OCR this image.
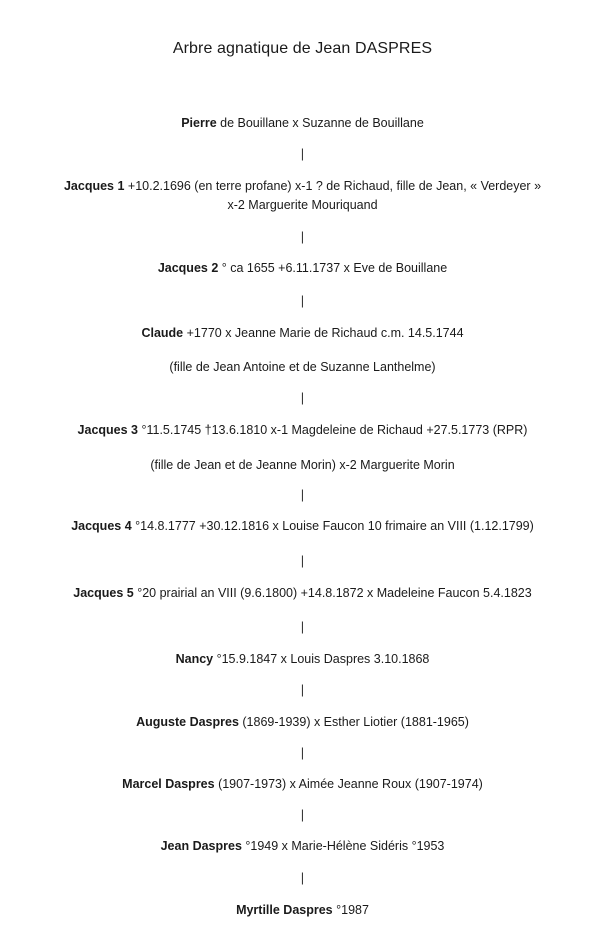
Arbre agnatique de Jean DASPRES
Pierre de Bouillane x Suzanne de Bouillane
|
Jacques 1 +10.2.1696 (en terre profane) x-1 ? de Richaud, fille de Jean, « Verdeyer »
x-2 Marguerite Mouriquand
|
Jacques 2 ° ca 1655 +6.11.1737 x Eve de Bouillane
|
Claude +1770 x Jeanne Marie de Richaud c.m. 14.5.1744
(fille de Jean Antoine et de Suzanne Lanthelme)
|
Jacques 3 °11.5.1745 †13.6.1810 x-1 Magdeleine de Richaud +27.5.1773 (RPR)
(fille de Jean et de Jeanne Morin) x-2 Marguerite Morin
|
Jacques 4 °14.8.1777 +30.12.1816 x Louise Faucon 10 frimaire an VIII (1.12.1799)
|
Jacques 5 °20 prairial an VIII (9.6.1800) +14.8.1872 x Madeleine Faucon 5.4.1823
|
Nancy °15.9.1847 x Louis Daspres 3.10.1868
|
Auguste Daspres (1869-1939) x Esther Liotier (1881-1965)
|
Marcel Daspres (1907-1973) x Aimée Jeanne Roux (1907-1974)
|
Jean Daspres °1949 x Marie-Hélène Sidéris °1953
|
Myrtille Daspres °1987
